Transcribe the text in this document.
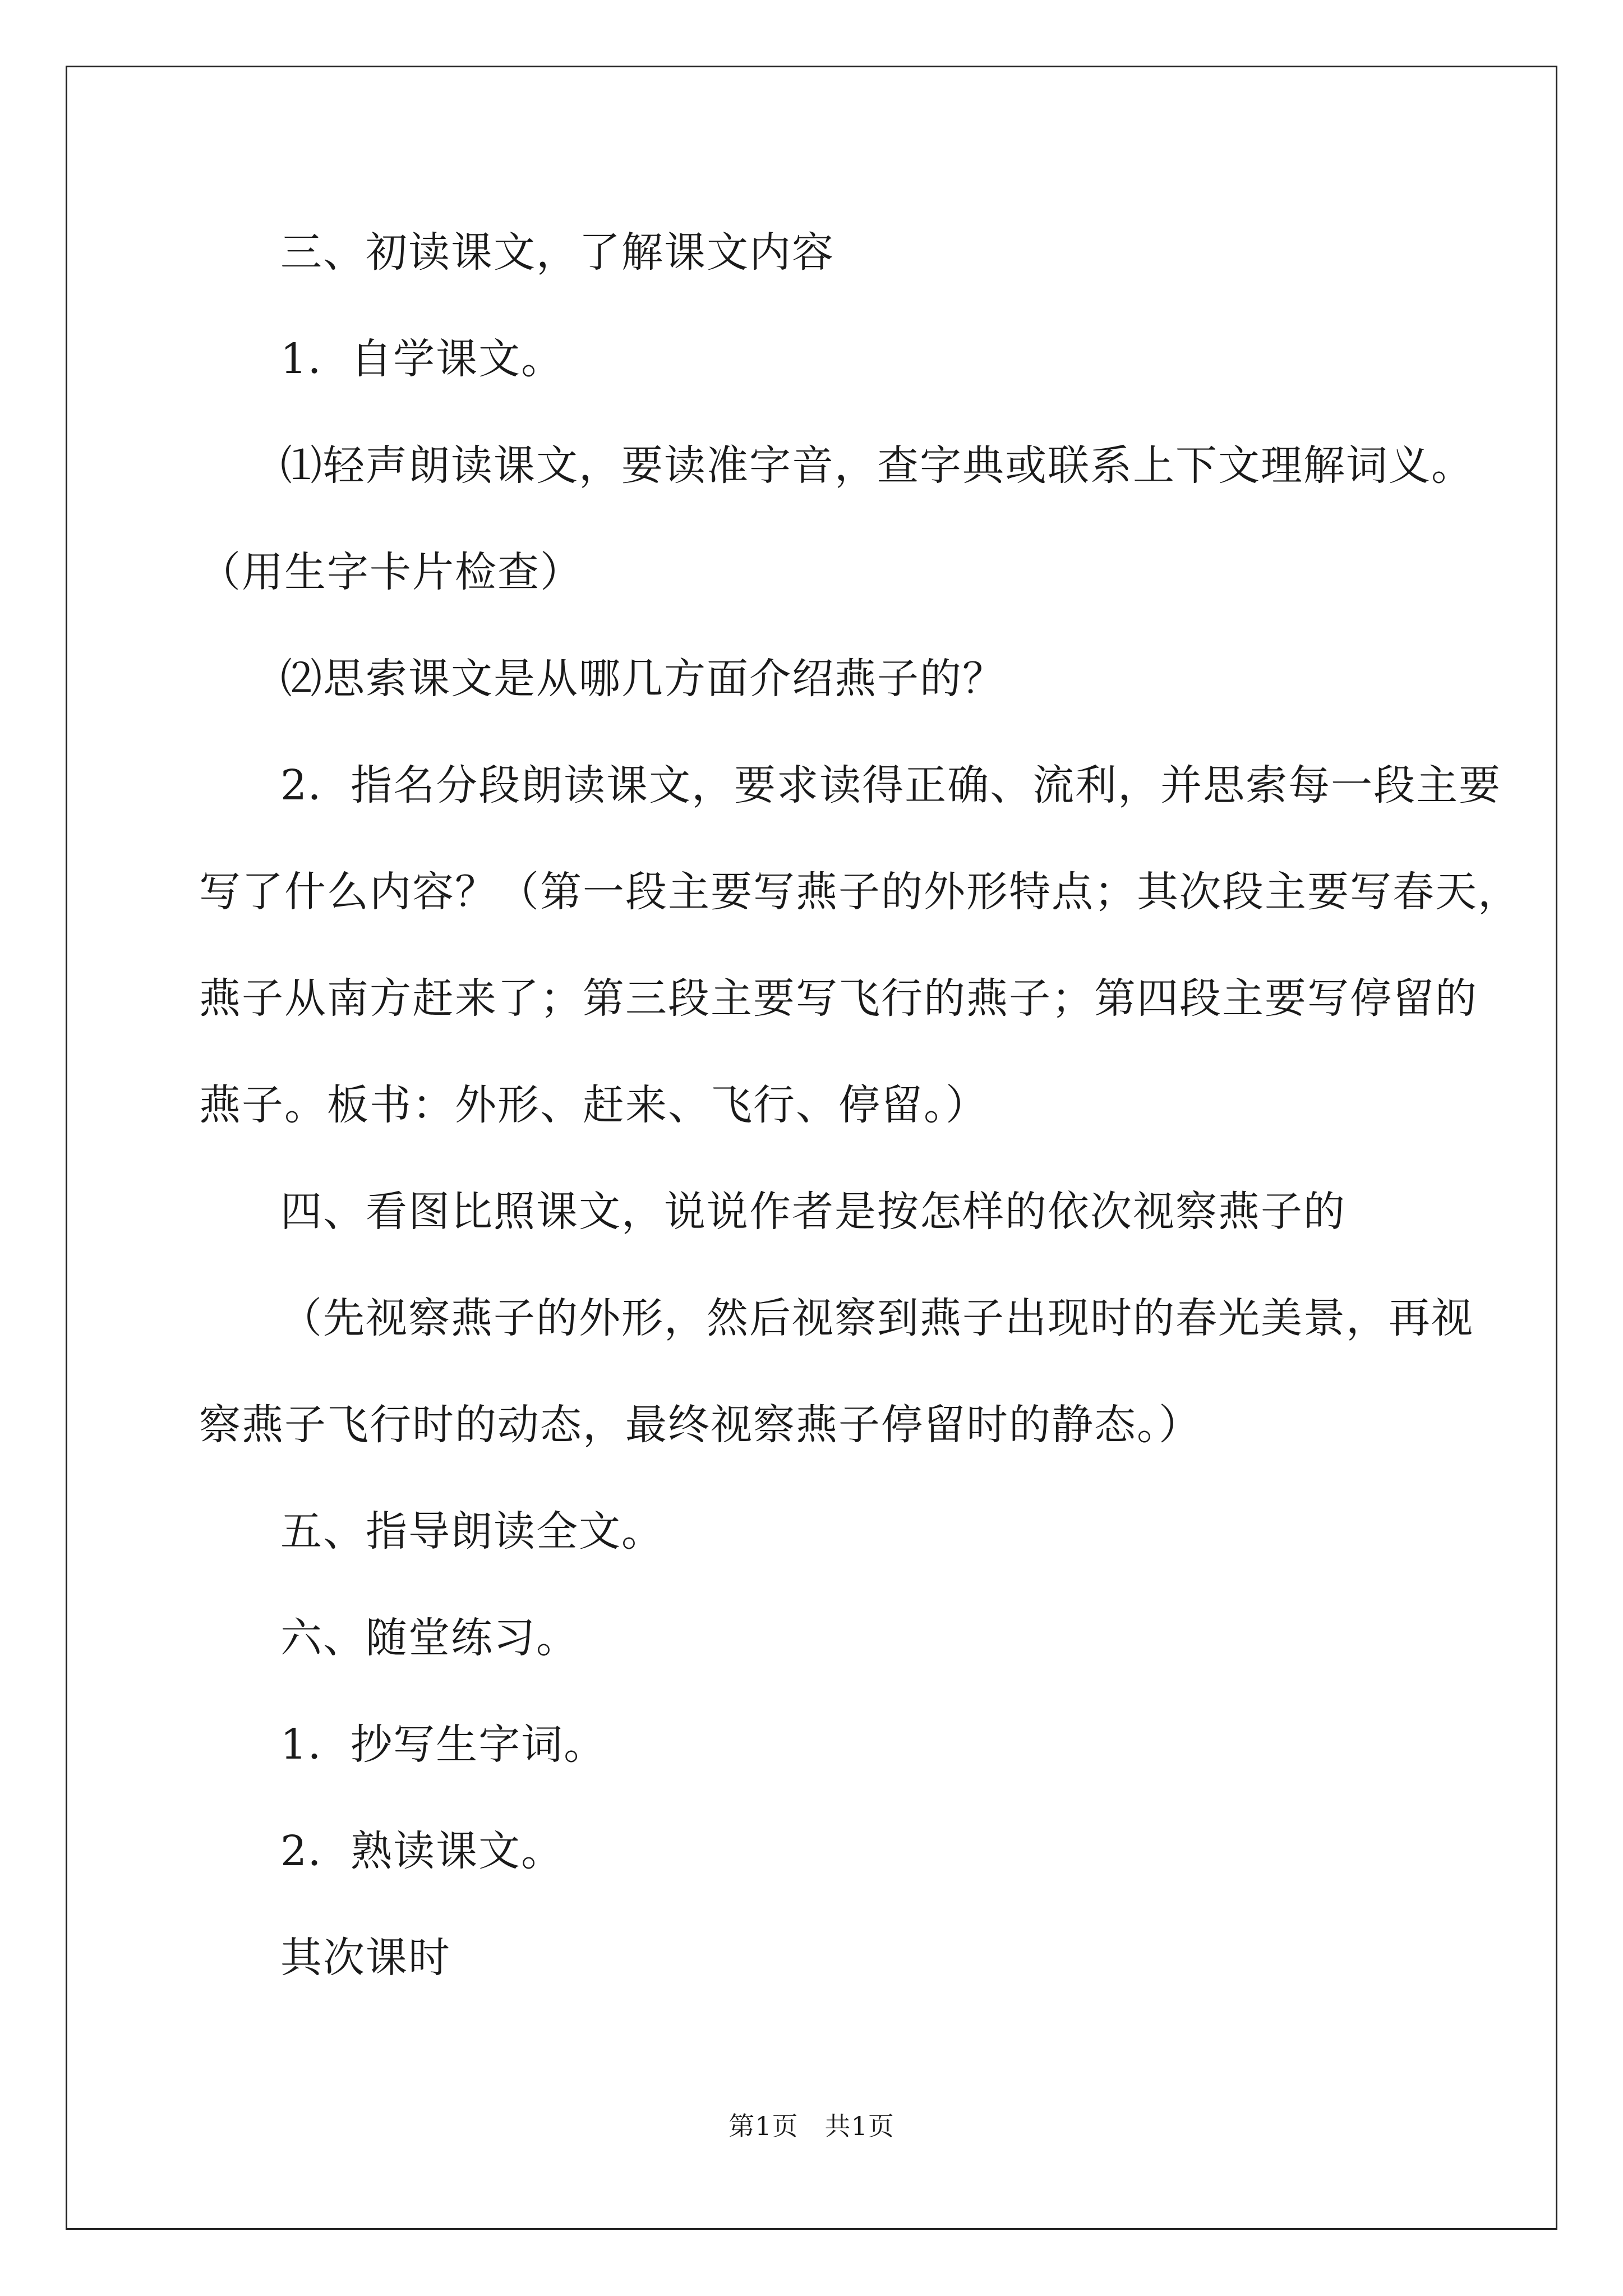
三、初读课文，了解课文内容
1．自学课文。
⑴轻声朗读课文，要读准字音，查字典或联系上下文理解词义。
（用生字卡片检查）
⑵思索课文是从哪几方面介绍燕子的？
2．指名分段朗读课文，要求读得正确、流利，并思索每一段主要
写了什么内容？（第一段主要写燕子的外形特点；其次段主要写春天，
燕子从南方赶来了；第三段主要写飞行的燕子；第四段主要写停留的
燕子。板书：外形、赶来、飞行、停留。）
四、看图比照课文，说说作者是按怎样的依次视察燕子的
（先视察燕子的外形，然后视察到燕子出现时的春光美景，再视
察燕子飞行时的动态，最终视察燕子停留时的静态。）
五、指导朗读全文。
六、随堂练习。
1．抄写生字词。
2．熟读课文。
其次课时
第1页　共1页
